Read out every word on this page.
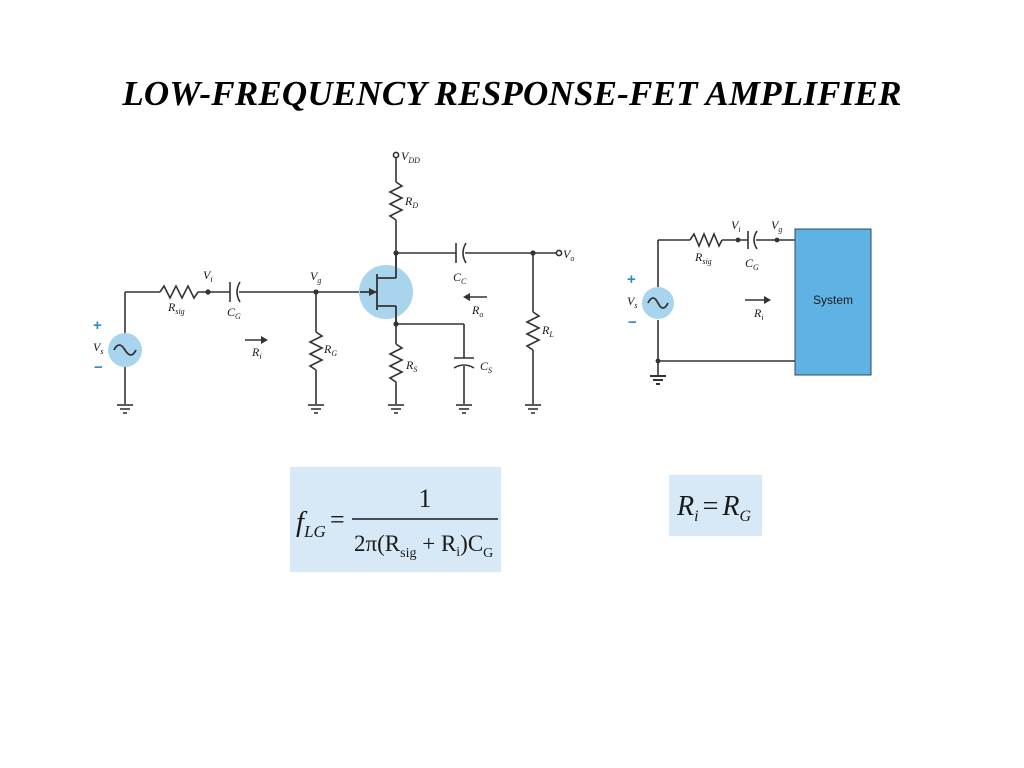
LOW-FREQUENCY RESPONSE-FET AMPLIFIER
$V_{DD}$
$R_D$
$V_o$
$C_C$
$R_o$
$R_L$
$R_S$	$C_S$
$R_G$
$V_g$
$V_i$
$R_{sig}$	$C_G$
$R_i$
+
$V_s$
−
System
$V_i$	$V_g$
$R_{sig}$	$C_G$
$R_i$
+
$V_s$
−
$f_{LG}$ =
1
$2\pi(R_{sig} + R_i)C_G$
$R_i = R_G$
